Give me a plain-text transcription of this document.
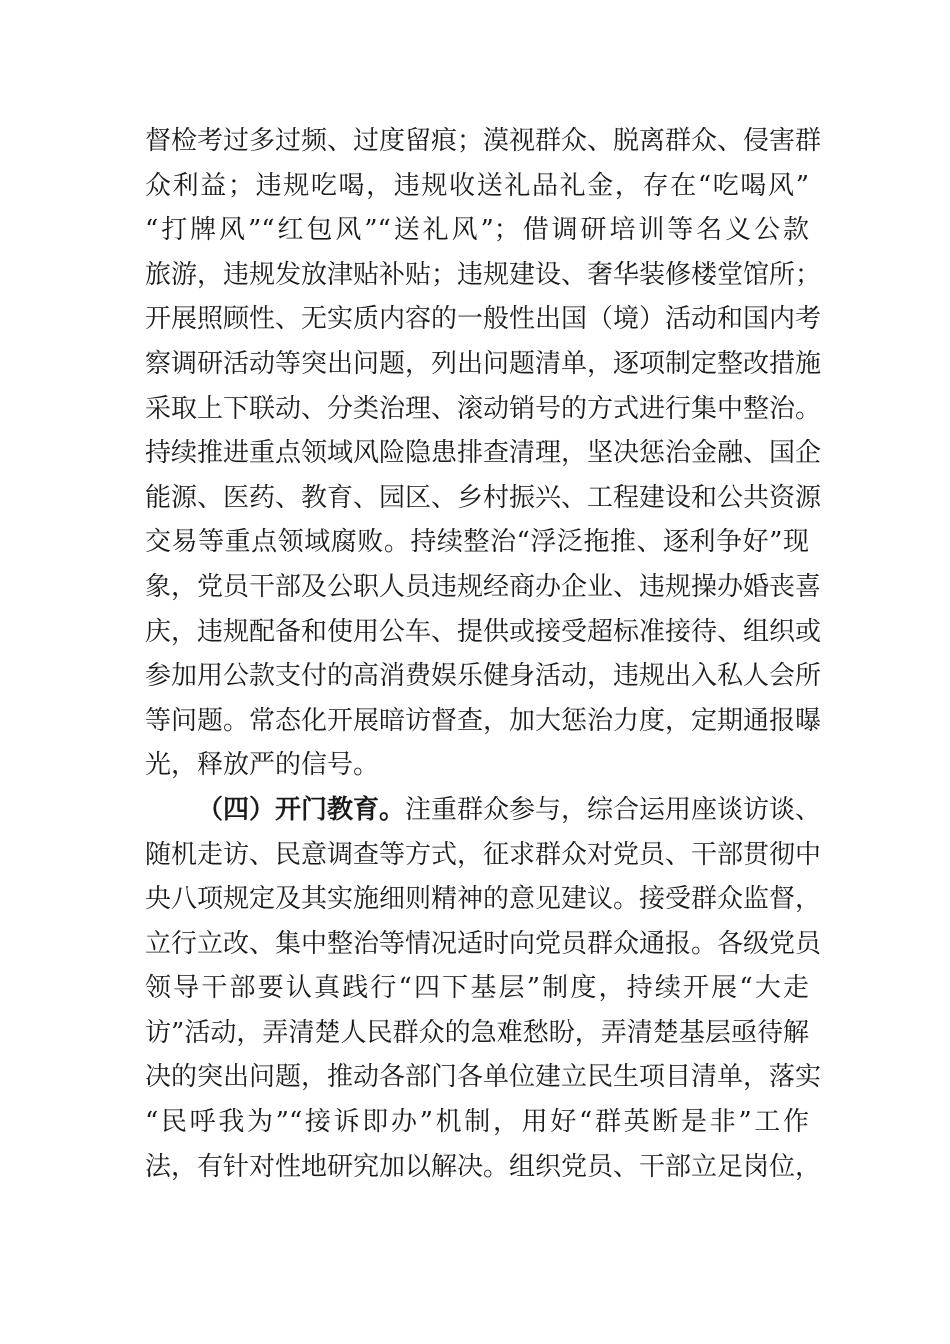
督检考过多过频、过度留痕；漠视群众、脱离群众、侵害群
众利益；违规吃喝，违规收送礼品礼金，存在“吃喝风”
“打牌风”“红包风”“送礼风”；借调研培训等名义公款
旅游，违规发放津贴补贴；违规建设、奢华装修楼堂馆所；
开展照顾性、无实质内容的一般性出国（境）活动和国内考
察调研活动等突出问题，列出问题清单，逐项制定整改措施
采取上下联动、分类治理、滚动销号的方式进行集中整治。
持续推进重点领域风险隐患排查清理，坚决惩治金融、国企
能源、医药、教育、园区、乡村振兴、工程建设和公共资源
交易等重点领域腐败。持续整治“浮泛拖推、逐利争好”现
象，党员干部及公职人员违规经商办企业、违规操办婚丧喜
庆，违规配备和使用公车、提供或接受超标准接待、组织或
参加用公款支付的高消费娱乐健身活动，违规出入私人会所
等问题。常态化开展暗访督查，加大惩治力度，定期通报曝
光，释放严的信号。
（四）开门教育。注重群众参与，综合运用座谈访谈、
随机走访、民意调查等方式，征求群众对党员、干部贯彻中
央八项规定及其实施细则精神的意见建议。接受群众监督，
立行立改、集中整治等情况适时向党员群众通报。各级党员
领导干部要认真践行“四下基层”制度，持续开展“大走
访”活动，弄清楚人民群众的急难愁盼，弄清楚基层亟待解
决的突出问题，推动各部门各单位建立民生项目清单，落实
“民呼我为”“接诉即办”机制，用好“群英断是非”工作
法，有针对性地研究加以解决。组织党员、干部立足岗位，
